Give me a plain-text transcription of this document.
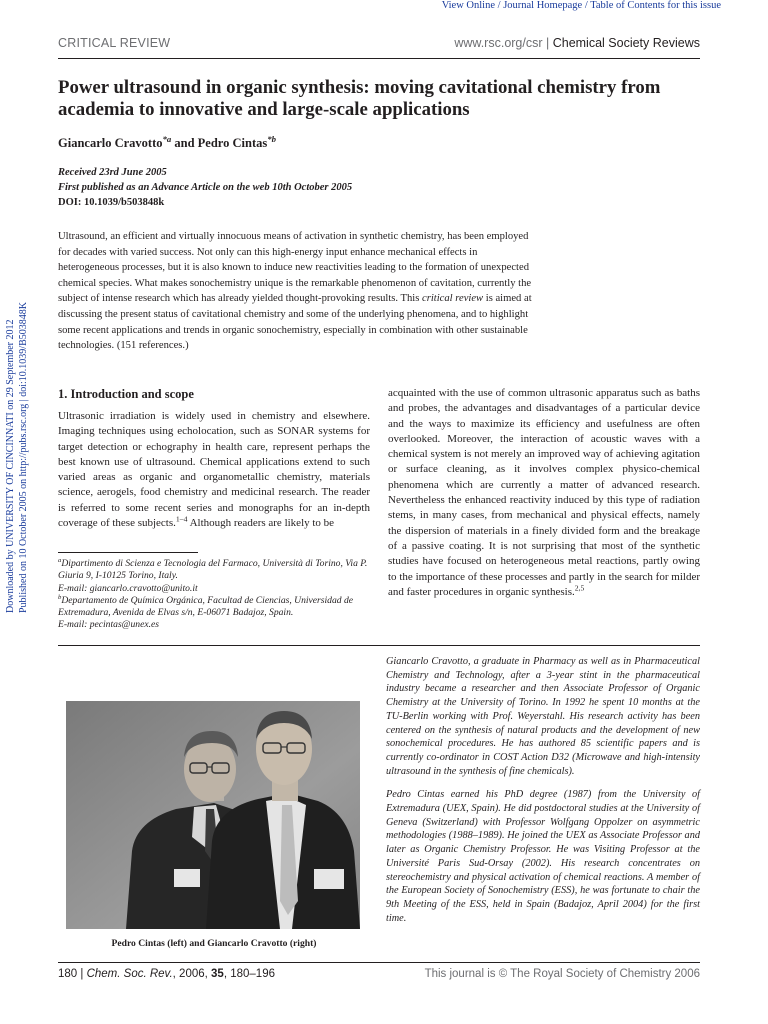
View Online / Journal Homepage / Table of Contents for this issue
CRITICAL REVIEW	www.rsc.org/csr | Chemical Society Reviews
Power ultrasound in organic synthesis: moving cavitational chemistry from academia to innovative and large-scale applications
Giancarlo Cravotto$^{*a}$ and Pedro Cintas$^{*b}$
Received 23rd June 2005
First published as an Advance Article on the web 10th October 2005
DOI: 10.1039/b503848k
Ultrasound, an efficient and virtually innocuous means of activation in synthetic chemistry, has been employed for decades with varied success. Not only can this high-energy input enhance mechanical effects in heterogeneous processes, but it is also known to induce new reactivities leading to the formation of unexpected chemical species. What makes sonochemistry unique is the remarkable phenomenon of cavitation, currently the subject of intense research which has already yielded thought-provoking results. This critical review is aimed at discussing the present status of cavitational chemistry and some of the underlying phenomena, and to highlight some recent applications and trends in organic sonochemistry, especially in combination with other sustainable technologies. (151 references.)
Downloaded by UNIVERSITY OF CINCINNATI on 29 September 2012 Published on 10 October 2005 on http://pubs.rsc.org | doi:10.1039/B503848K 1. Introduction and scope
Ultrasonic irradiation is widely used in chemistry and elsewhere. Imaging techniques using echolocation, such as SONAR systems for target detection or echography in health care, represent perhaps the best known use of ultrasound. Chemical applications extend to such varied areas as organic and organometallic chemistry, materials science, aerogels, food chemistry and medicinal research. The reader is referred to some recent series and monographs for an in-depth coverage of these subjects.$^{1-4}$ Although readers are likely to be
acquainted with the use of common ultrasonic apparatus such as baths and probes, the advantages and disadvantages of a particular device and the ways to maximize its efficiency and usefulness are often overlooked. Moreover, the interaction of acoustic waves with a chemical system is not merely an improved way of achieving agitation or surface cleaning, as it involves complex physico-chemical phenomena which are currently a matter of advanced research. Nevertheless the enhanced reactivity induced by this type of radiation stems, in many cases, from mechanical and physical effects, namely the dispersion of materials in a finely divided form and the breakage of a passive coating. It is not surprising that most of the synthetic studies have focused on heterogeneous metal reactions, partly owing to the importance of these processes and partly in the search for milder and faster procedures in organic synthesis.$^{2,5}$

$^a$Dipartimento di Scienza e Tecnologia del Farmaco, Università di Torino, Via P. Giuria 9, I-10125 Torino, Italy.

E-mail: giancarlo.cravotto@unito.it

$^b$Departamento de Química Orgánica, Facultad de Ciencias, Universidad de Extremadura, Avenida de Elvas s/n, E-06071 Badajoz, Spain.

E-mail: pecintas@unex.es

Pedro Cintas (left) and Giancarlo Cravotto (right)

Giancarlo Cravotto, a graduate in Pharmacy as well as in Pharmaceutical Chemistry and Technology, after a 3-year stint in the pharmaceutical industry became a researcher and then Associate Professor of Organic Chemistry at the University of Torino. In 1992 he spent 10 months at the TU-Berlin working with Prof. Weyerstahl. His research activity has been centered on the synthesis of natural products and the development of new sonochemical procedures. He has authored 85 scientific papers and is currently co-ordinator in COST Action D32 (Microwave and high-intensity ultrasound in the synthesis of fine chemicals).

Pedro Cintas earned his PhD degree (1987) from the University of Extremadura (UEX, Spain). He did postdoctoral studies at the University of Geneva (Switzerland) with Professor Wolfgang Oppolzer on asymmetric methodologies (1988–1989). He joined the UEX as Associate Professor and later as Organic Chemistry Professor. He was Visiting Professor at the Université Paris Sud-Orsay (2002). His research concentrates on stereochemistry and physical activation of chemical reactions. A member of the European Society of Sonochemistry (ESS), he was fortunate to chair the 9th Meeting of the ESS, held in Spain (Badajoz, April 2004) for the first time.

180 | Chem. Soc. Rev., 2006, 35, 180–196	This journal is © The Royal Society of Chemistry 2006
